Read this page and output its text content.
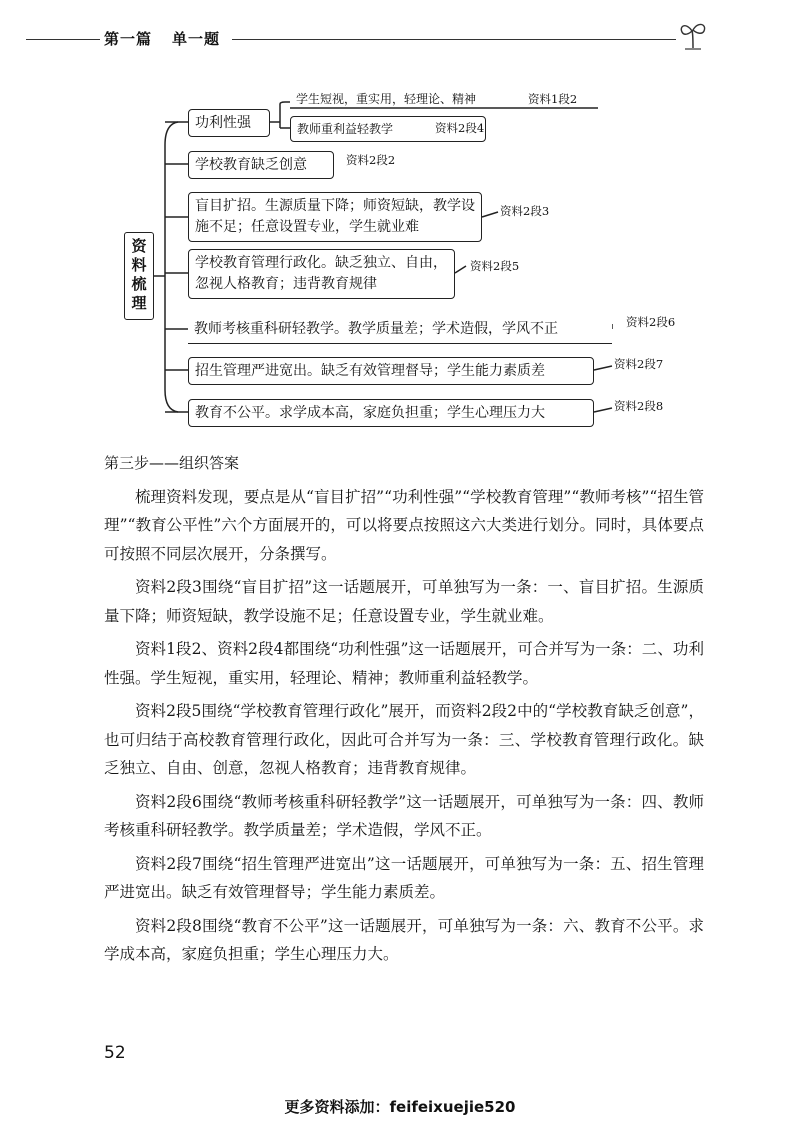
第一篇 单一题
资料梳理
功利性强
学生短视，重实用，轻理论、精神	资料1段2
教师重利益轻教学	资料2段4
学校教育缺乏创意	资料2段2
盲目扩招。生源质量下降；师资短缺，教学设施不足；任意设置专业，学生就业难
资料2段3
学校教育管理行政化。缺乏独立、自由，忽视人格教育；违背教育规律
资料2段5
教师考核重科研轻教学。教学质量差；学术造假，学风不正	资料2段6
招生管理严进宽出。缺乏有效管理督导；学生能力素质差	资料2段7
教育不公平。求学成本高，家庭负担重；学生心理压力大	资料2段8

第三步——组织答案

梳理资料发现，要点是从“盲目扩招”“功利性强”“学校教育管理”“教师考核”“招生管理”“教育公平性”六个方面展开的，可以将要点按照这六大类进行划分。同时，具体要点可按照不同层次展开，分条撰写。

资料2段3围绕“盲目扩招”这一话题展开，可单独写为一条：一、盲目扩招。生源质量下降；师资短缺，教学设施不足；任意设置专业，学生就业难。

资料1段2、资料2段4都围绕“功利性强”这一话题展开，可合并写为一条：二、功利性强。学生短视，重实用，轻理论、精神；教师重利益轻教学。

资料2段5围绕“学校教育管理行政化”展开，而资料2段2中的“学校教育缺乏创意”，也可归结于高校教育管理行政化，因此可合并写为一条：三、学校教育管理行政化。缺乏独立、自由、创意，忽视人格教育；违背教育规律。

资料2段6围绕“教师考核重科研轻教学”这一话题展开，可单独写为一条：四、教师考核重科研轻教学。教学质量差；学术造假，学风不正。

资料2段7围绕“招生管理严进宽出”这一话题展开，可单独写为一条：五、招生管理严进宽出。缺乏有效管理督导；学生能力素质差。

资料2段8围绕“教育不公平”这一话题展开，可单独写为一条：六、教育不公平。求学成本高，家庭负担重；学生心理压力大。

52
更多资料添加：feifeixuejie520
